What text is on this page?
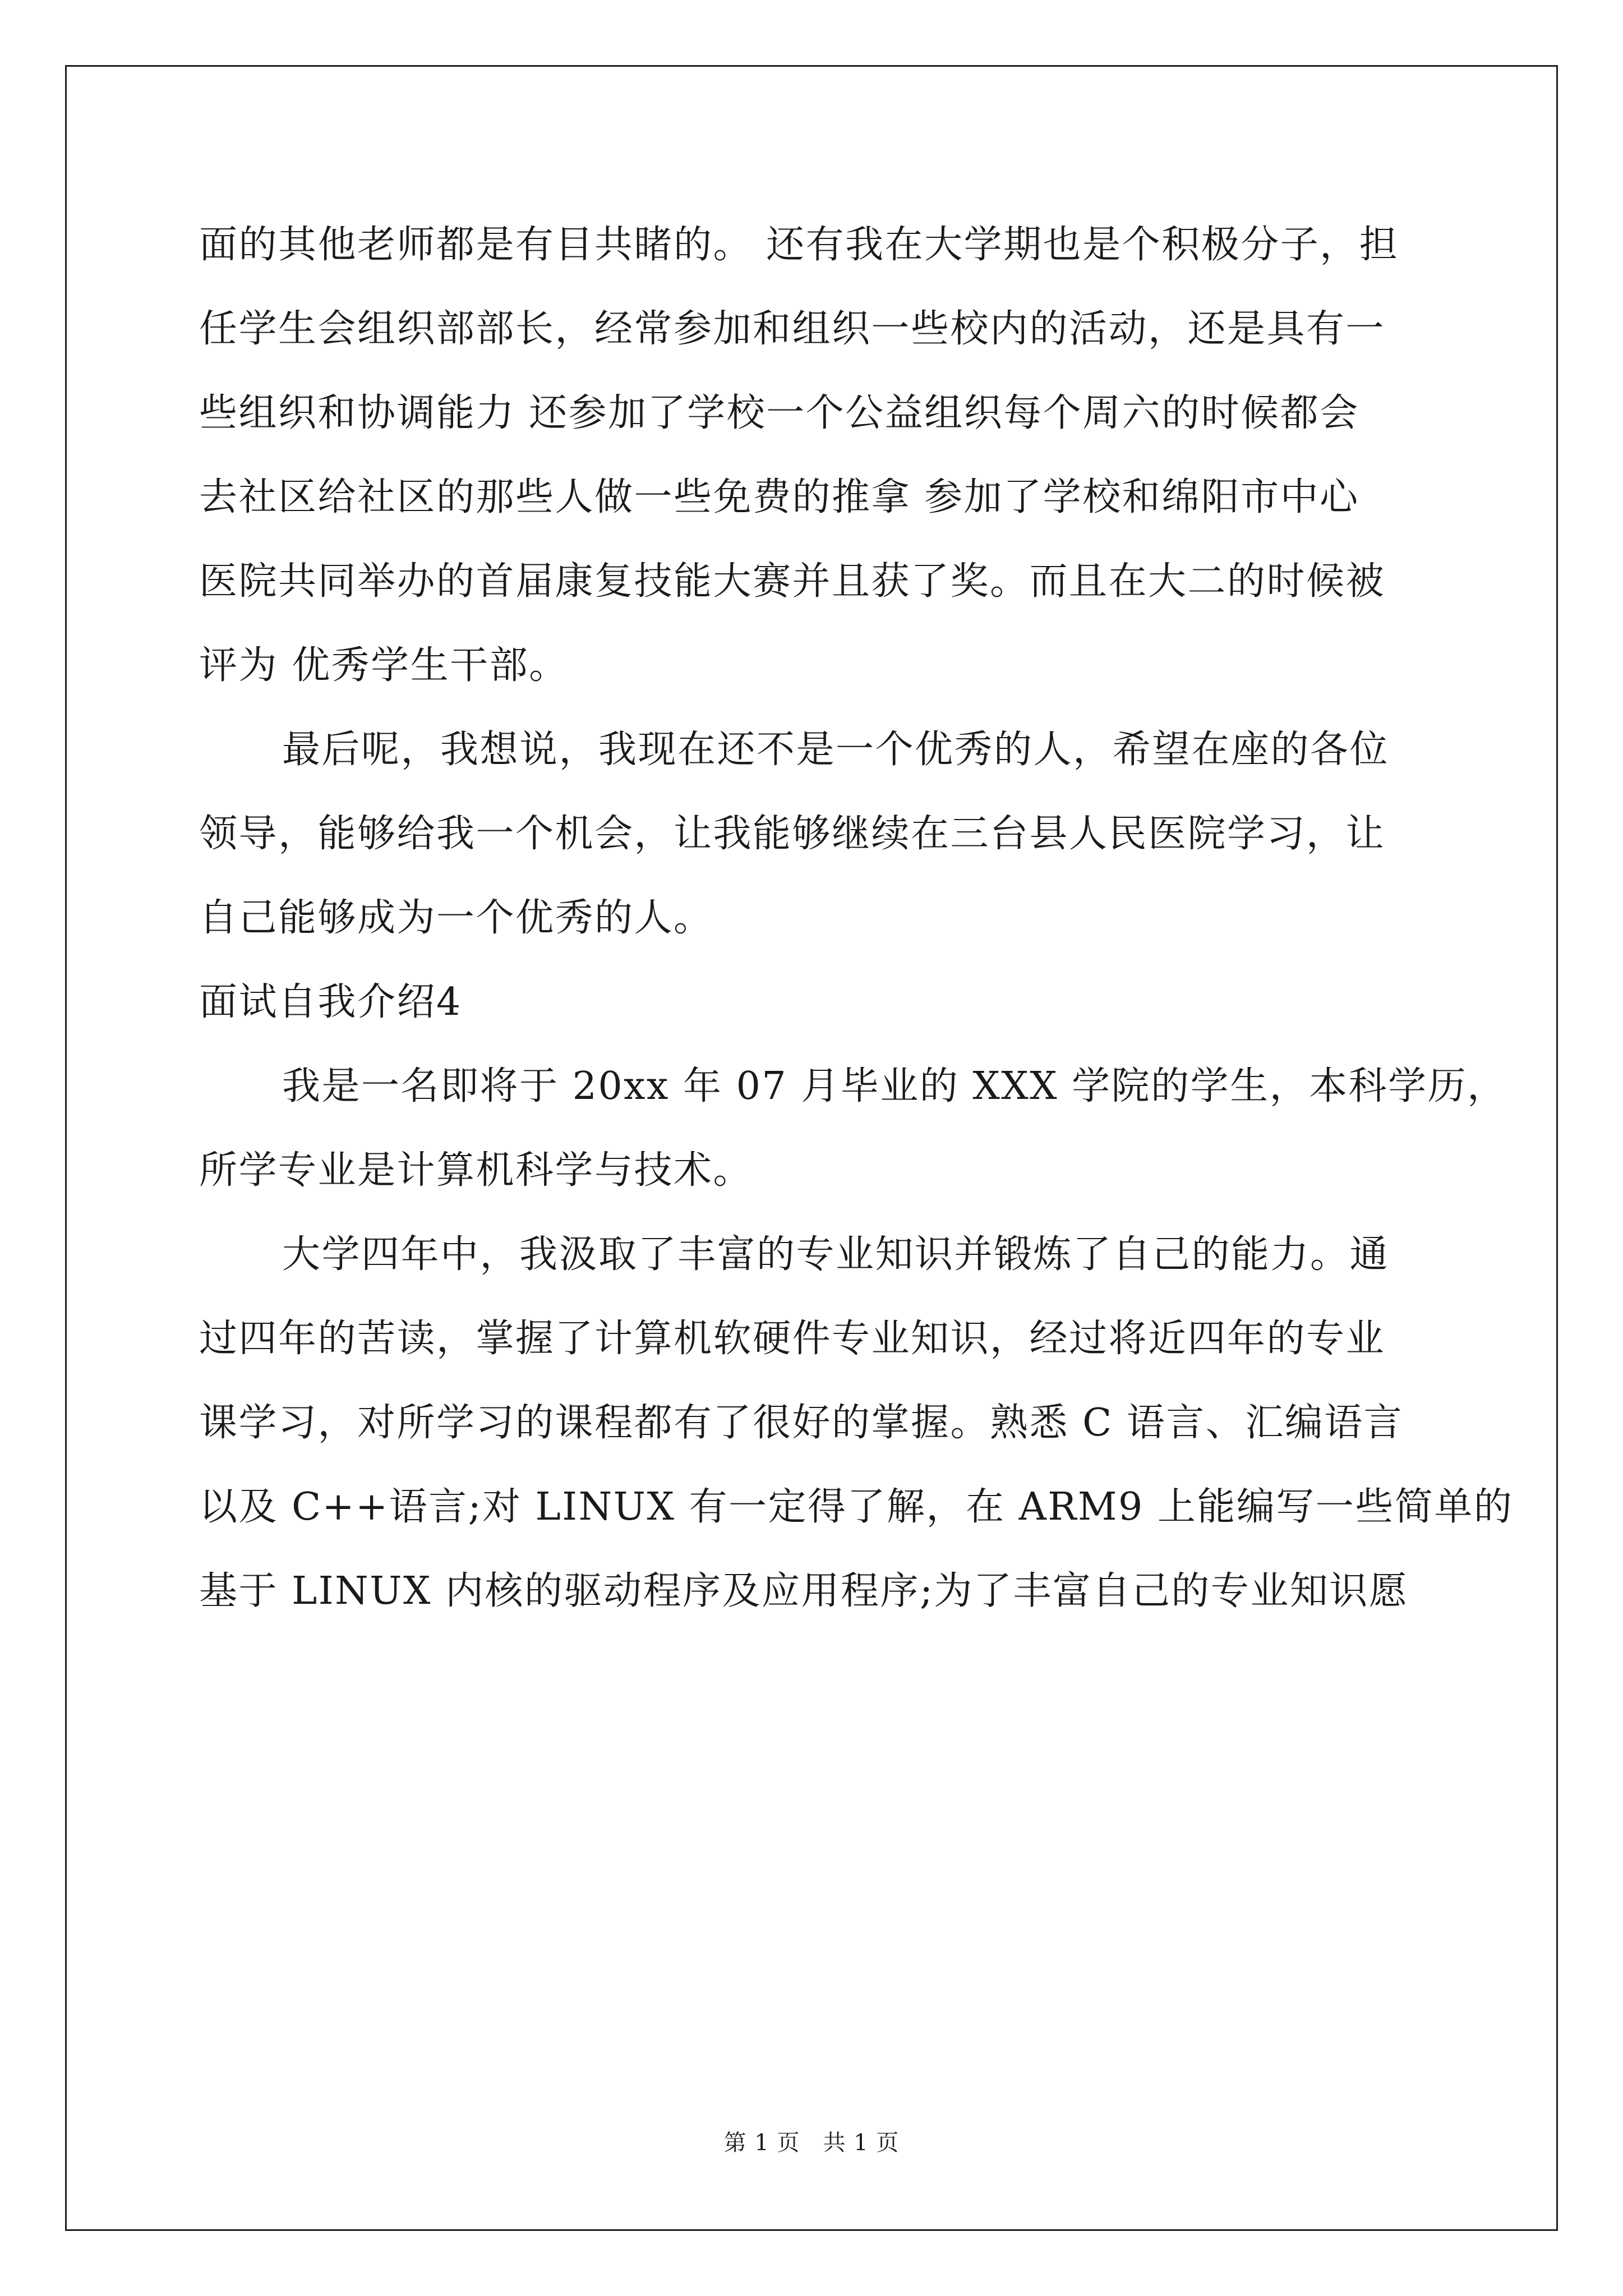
面的其他老师都是有目共睹的。 还有我在大学期也是个积极分子，担
任学生会组织部部长，经常参加和组织一些校内的活动，还是具有一
些组织和协调能力 还参加了学校一个公益组织每个周六的时候都会
去社区给社区的那些人做一些免费的推拿 参加了学校和绵阳市中心
医院共同举办的首届康复技能大赛并且获了奖。而且在大二的时候被
评为 优秀学生干部。
最后呢，我想说，我现在还不是一个优秀的人，希望在座的各位
领导，能够给我一个机会，让我能够继续在三台县人民医院学习，让
自己能够成为一个优秀的人。
面试自我介绍4
我是一名即将于 20xx 年 07 月毕业的 XXX 学院的学生，本科学历，
所学专业是计算机科学与技术。
大学四年中，我汲取了丰富的专业知识并锻炼了自己的能力。通
过四年的苦读，掌握了计算机软硬件专业知识，经过将近四年的专业
课学习，对所学习的课程都有了很好的掌握。熟悉 C 语言、汇编语言
以及 C++语言;对 LINUX 有一定得了解，在 ARM9 上能编写一些简单的
基于 LINUX 内核的驱动程序及应用程序;为了丰富自己的专业知识愿
第 1 页　共 1 页
